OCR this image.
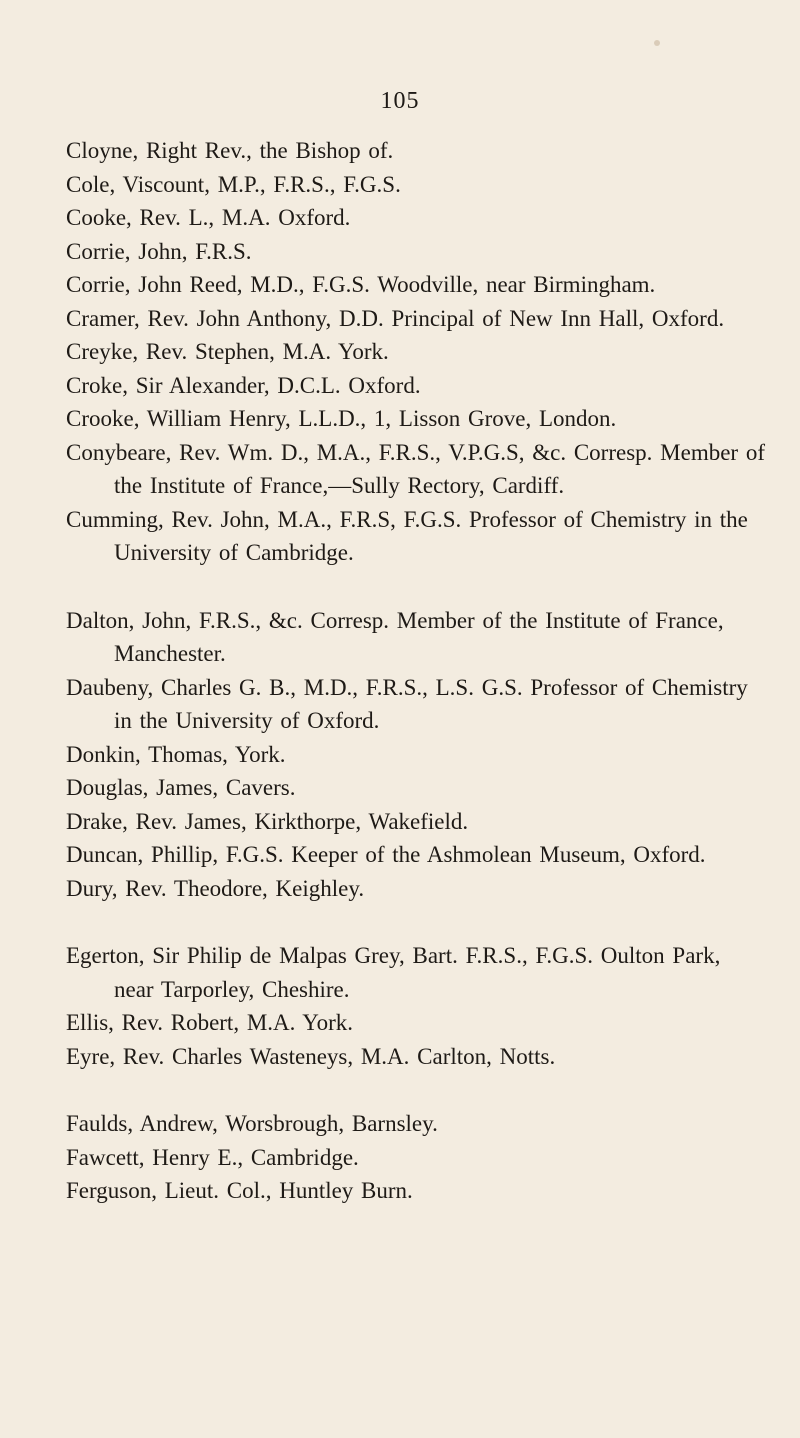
105
Cloyne, Right Rev., the Bishop of.
Cole, Viscount, M.P., F.R.S., F.G.S.
Cooke, Rev. L., M.A. Oxford.
Corrie, John, F.R.S.
Corrie, John Reed, M.D., F.G.S. Woodville, near Birmingham.
Cramer, Rev. John Anthony, D.D. Principal of New Inn Hall, Oxford.
Creyke, Rev. Stephen, M.A. York.
Croke, Sir Alexander, D.C.L. Oxford.
Crooke, William Henry, L.L.D., 1, Lisson Grove, London.
Conybeare, Rev. Wm. D., M.A., F.R.S., V.P.G.S, &c. Corresp. Member of the Institute of France,—Sully Rectory, Cardiff.
Cumming, Rev. John, M.A., F.R.S, F.G.S. Professor of Chemistry in the University of Cambridge.
Dalton, John, F.R.S., &c. Corresp. Member of the Institute of France, Manchester.
Daubeny, Charles G. B., M.D., F.R.S., L.S. G.S. Professor of Chemistry in the University of Oxford.
Donkin, Thomas, York.
Douglas, James, Cavers.
Drake, Rev. James, Kirkthorpe, Wakefield.
Duncan, Phillip, F.G.S. Keeper of the Ashmolean Museum, Oxford.
Dury, Rev. Theodore, Keighley.
Egerton, Sir Philip de Malpas Grey, Bart. F.R.S., F.G.S. Oulton Park, near Tarporley, Cheshire.
Ellis, Rev. Robert, M.A. York.
Eyre, Rev. Charles Wasteneys, M.A. Carlton, Notts.
Faulds, Andrew, Worsbrough, Barnsley.
Fawcett, Henry E., Cambridge.
Ferguson, Lieut. Col., Huntley Burn.
